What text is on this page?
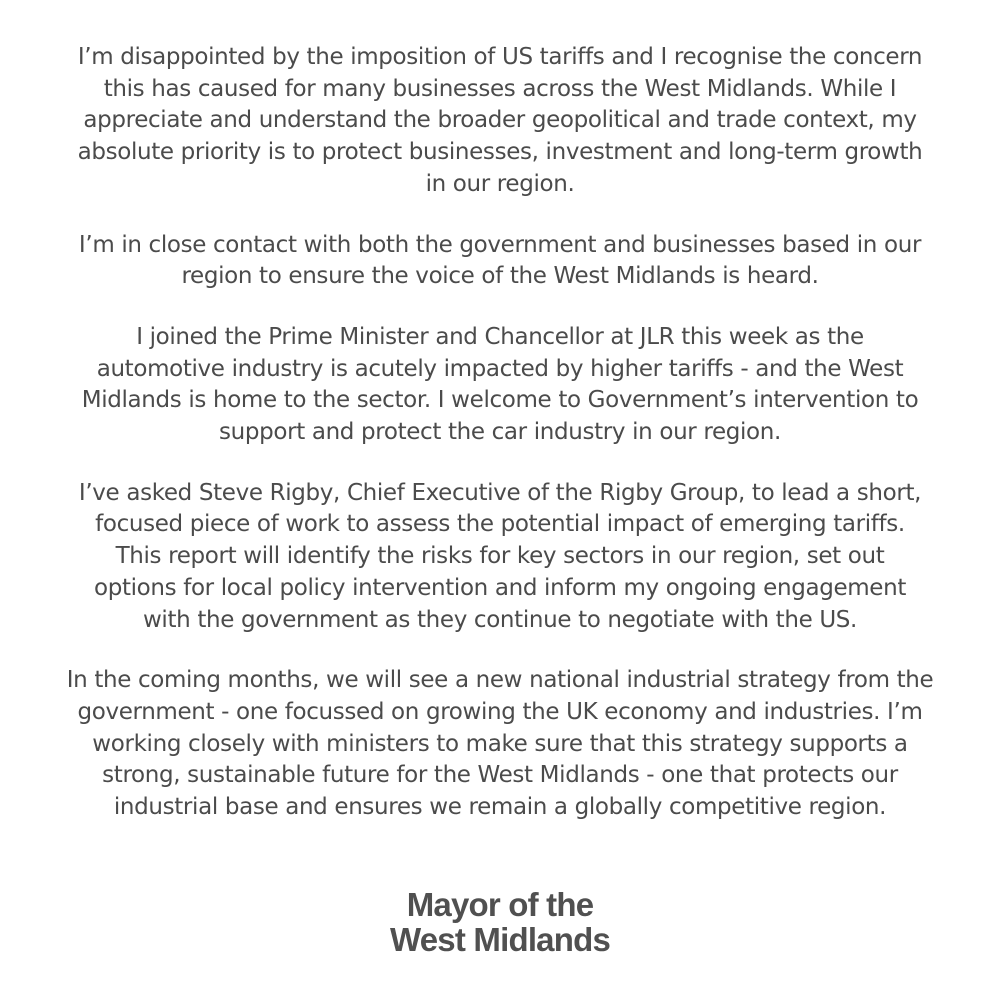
I’m disappointed by the imposition of US tariffs and I recognise the concern
this has caused for many businesses across the West Midlands. While I
appreciate and understand the broader geopolitical and trade context, my
absolute priority is to protect businesses, investment and long-term growth
in our region.

I’m in close contact with both the government and businesses based in our
region to ensure the voice of the West Midlands is heard.

I joined the Prime Minister and Chancellor at JLR this week as the
automotive industry is acutely impacted by higher tariffs - and the West
Midlands is home to the sector. I welcome to Government’s intervention to
support and protect the car industry in our region.

I’ve asked Steve Rigby, Chief Executive of the Rigby Group, to lead a short,
focused piece of work to assess the potential impact of emerging tariffs.
This report will identify the risks for key sectors in our region, set out
options for local policy intervention and inform my ongoing engagement
with the government as they continue to negotiate with the US.

In the coming months, we will see a new national industrial strategy from the
government - one focussed on growing the UK economy and industries. I’m
working closely with ministers to make sure that this strategy supports a
strong, sustainable future for the West Midlands - one that protects our
industrial base and ensures we remain a globally competitive region.

Mayor of the
West Midlands
